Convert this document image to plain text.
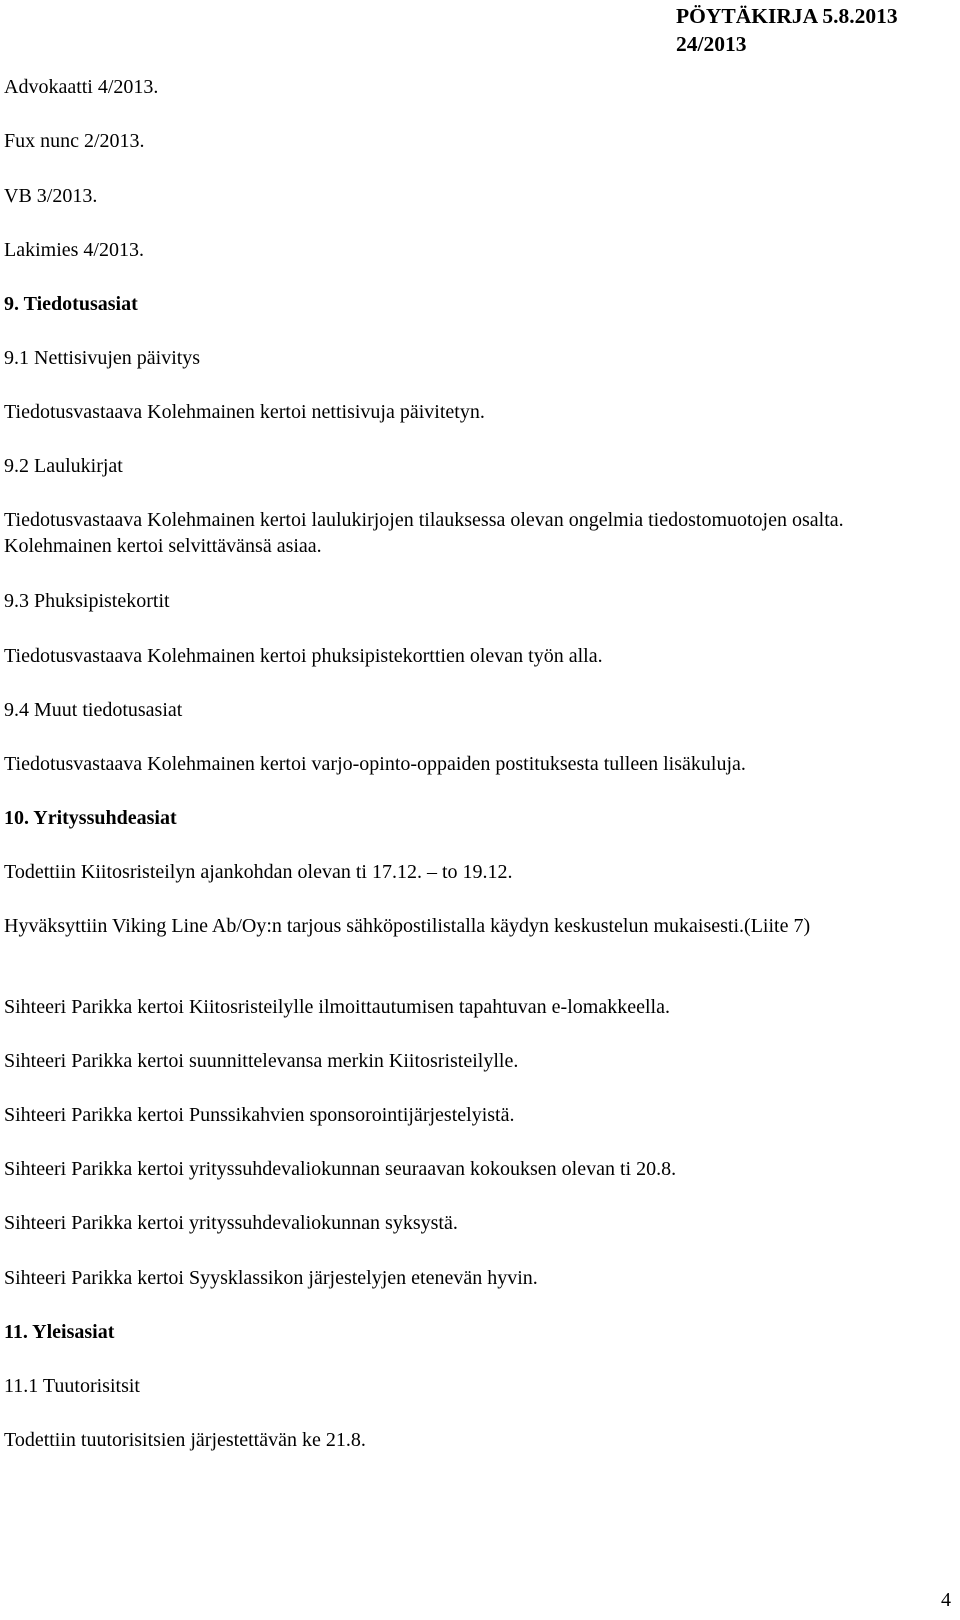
PÖYTÄKIRJA 5.8.2013
24/2013
Advokaatti 4/2013.
Fux nunc 2/2013.
VB 3/2013.
Lakimies 4/2013.
9. Tiedotusasiat
9.1 Nettisivujen päivitys
Tiedotusvastaava Kolehmainen kertoi nettisivuja päivitetyn.
9.2 Laulukirjat
Tiedotusvastaava Kolehmainen kertoi laulukirjojen tilauksessa olevan ongelmia tiedostomuotojen osalta. Kolehmainen kertoi selvittävänsä asiaa.
9.3 Phuksipistekortit
Tiedotusvastaava Kolehmainen kertoi phuksipistekorttien olevan työn alla.
9.4 Muut tiedotusasiat
Tiedotusvastaava Kolehmainen kertoi varjo-opinto-oppaiden postituksesta tulleen lisäkuluja.
10. Yrityssuhdeasiat
Todettiin Kiitosristeilyn ajankohdan olevan ti 17.12. – to 19.12.
Hyväksyttiin Viking Line Ab/Oy:n tarjous sähköpostilistalla käydyn keskustelun mukaisesti.(Liite 7)
Sihteeri Parikka kertoi Kiitosristeilylle ilmoittautumisen tapahtuvan e-lomakkeella.
Sihteeri Parikka kertoi suunnittelevansa merkin Kiitosristeilylle.
Sihteeri Parikka kertoi Punssikahvien sponsorointijärjestelyistä.
Sihteeri Parikka kertoi yrityssuhdevaliokunnan seuraavan kokouksen olevan ti 20.8.
Sihteeri Parikka kertoi yrityssuhdevaliokunnan syksystä.
Sihteeri Parikka kertoi Syysklassikon järjestelyjen etenevän hyvin.
11. Yleisasiat
11.1 Tuutorisitsit
Todettiin tuutorisitsien järjestettävän ke 21.8.
4
